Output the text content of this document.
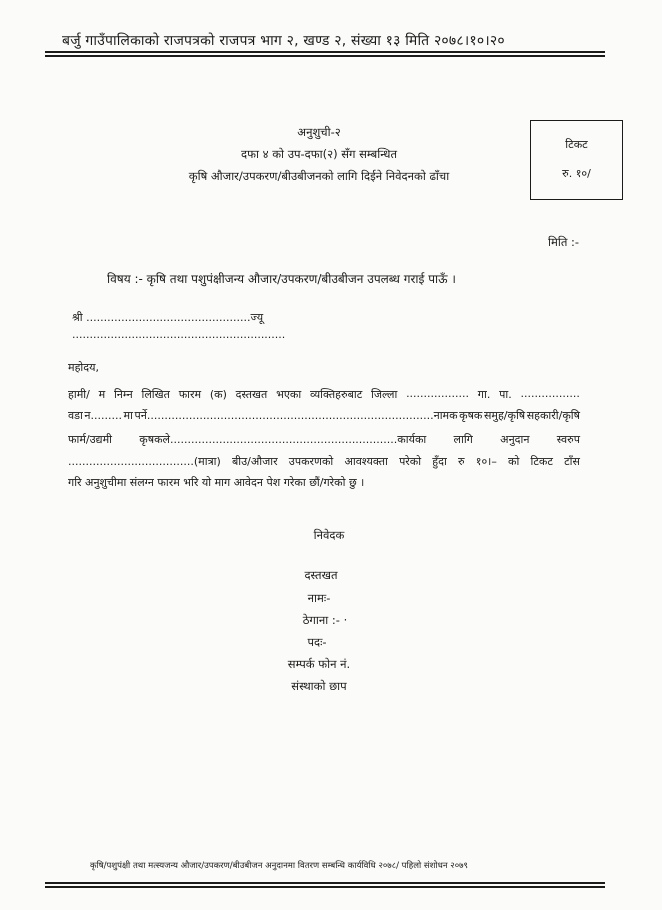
बर्जु गाउँपालिकाको राजपत्रको राजपत्र भाग २, खण्ड २, संख्या १३ मिति २०७८।१०।२०
अनुशुची-२
दफा ४ को उप-दफा(२) सँग सम्बन्धित
कृषि औजार/उपकरण/बीउबीजनको लागि दिईने निवेदनको ढाँचा
टिकट
रु. १०/
मिति :-
विषय :- कृषि तथा पशुपंक्षीजन्य औजार/उपकरण/बीउबीजन उपलब्ध गराई पाऊँ ।
श्री ...............................................ज्यू
.............................................................
महोदय,
हामी/ म निम्न लिखित फारम (क) दस्तखत भएका व्यक्तिहरुबाट जिल्ला .................. गा. पा. .................
वडा न......... मा पर्ने..................................................................................नामक कृषक समुह/कृषि सहकारी/कृषि
फार्म/उद्यमी कृषकले.................................................................कार्यका लागि अनुदान स्वरुप
....................................(मात्रा) बीउ/औजार उपकरणको आवश्यक्ता परेको हुँदा रु १०।– को टिकट टाँस
गरि अनुशुचीमा संलग्न फारम भरि यो माग आवेदन पेश गरेका छौं/गरेको छु ।
निवेदक
दस्तखत
नामः-
ठेगाना :- ·
पदः-
सम्पर्क फोन नं.
संस्थाको छाप
कृषि/पशुपंक्षी तथा मत्स्यजन्य औजार/उपकरण/बीउबीजन अनुदानमा वितरण सम्बन्धि कार्यविधि २०७८/ पहिलो संशोधन २०७९
